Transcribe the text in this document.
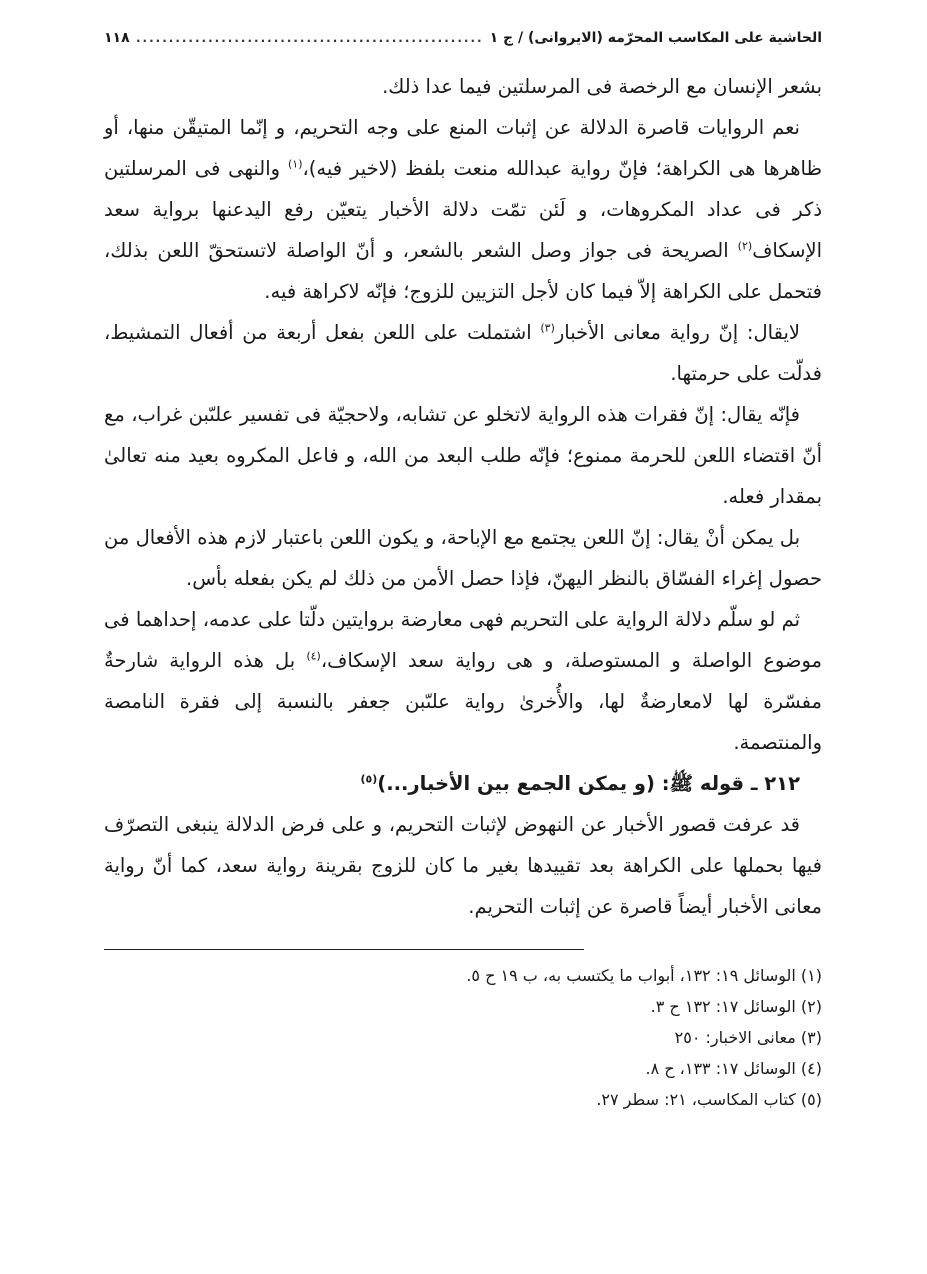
الحاشية على المكاسب المحرّمه (الايروانى) / ج ١
.....
١١٨

بشعر الإنسان مع الرخصة فى المرسلتين فيما عدا ذلك.

نعم الروايات قاصرة الدلالة عن إثبات المنع على وجه التحريم، و إنّما المتيقّن منها، أو ظاهرها هى الكراهة؛ فإنّ رواية عبدالله منعت بلفظ (لاخير فيه)،$^{(١)}$ والنهى فى المرسلتين ذكر فى عداد المكروهات، و لَئن تمّت دلالة الأخبار يتعيّن رفع اليدعنها برواية سعد الإسكاف$^{(٢)}$ الصريحة فى جواز وصل الشعر بالشعر، و أنّ الواصلة لاتستحقّ اللعن بذلك، فتحمل على الكراهة إلاّ فيما كان لأجل التزيين للزوج؛ فإنّه لاكراهة فيه.

لايقال: إنّ رواية معانى الأخبار$^{(٣)}$ اشتملت على اللعن بفعل أربعة من أفعال التمشيط، فدلّت على حرمتها.

فإنّه يقال: إنّ فقرات هذه الرواية لاتخلو عن تشابه، ولاحجيّة فى تفسير علىّبن غراب، مع أنّ اقتضاء اللعن للحرمة ممنوع؛ فإنّه طلب البعد من الله، و فاعل المكروه بعيد منه تعالىٰ بمقدار فعله.

بل يمكن أنْ يقال: إنّ اللعن يجتمع مع الإباحة، و يكون اللعن باعتبار لازم هذه الأفعال من حصول إغراء الفسّاق بالنظر اليهنّ، فإذا حصل الأمن من ذلك لم يكن بفعله بأس.

ثم لو سلّم دلالة الرواية على التحريم فهى معارضة بروايتين دلّتا على عدمه، إحداهما فى موضوع الواصلة و المستوصلة، و هى رواية سعد الإسكاف،$^{(٤)}$ بل هذه الرواية شارحةٌ مفسّرة لها لامعارضةٌ لها، والأُخرىٰ رواية علىّبن جعفر بالنسبة إلى فقرة النامصة والمنتصمة.

٢١٢ ـ قوله ﷺ: (و يمكن الجمع بين الأخبار...)$^{(٥)}$

قد عرفت قصور الأخبار عن النهوض لإثبات التحريم، و على فرض الدلالة ينبغى التصرّف فيها بحملها على الكراهة بعد تقييدها بغير ما كان للزوج بقرينة رواية سعد، كما أنّ رواية معانى الأخبار أيضاً قاصرة عن إثبات التحريم.

(١) الوسائل ١٩: ١٣٢، أبواب ما يكتسب به، ب ١٩ ح ٥.
(٢) الوسائل ١٧: ١٣٢ ح ٣.
(٣) معانى الاخبار: ٢٥٠
(٤) الوسائل ١٧: ١٣٣، ح ٨.
(٥) كتاب المكاسب، ٢١: سطر ٢٧.
